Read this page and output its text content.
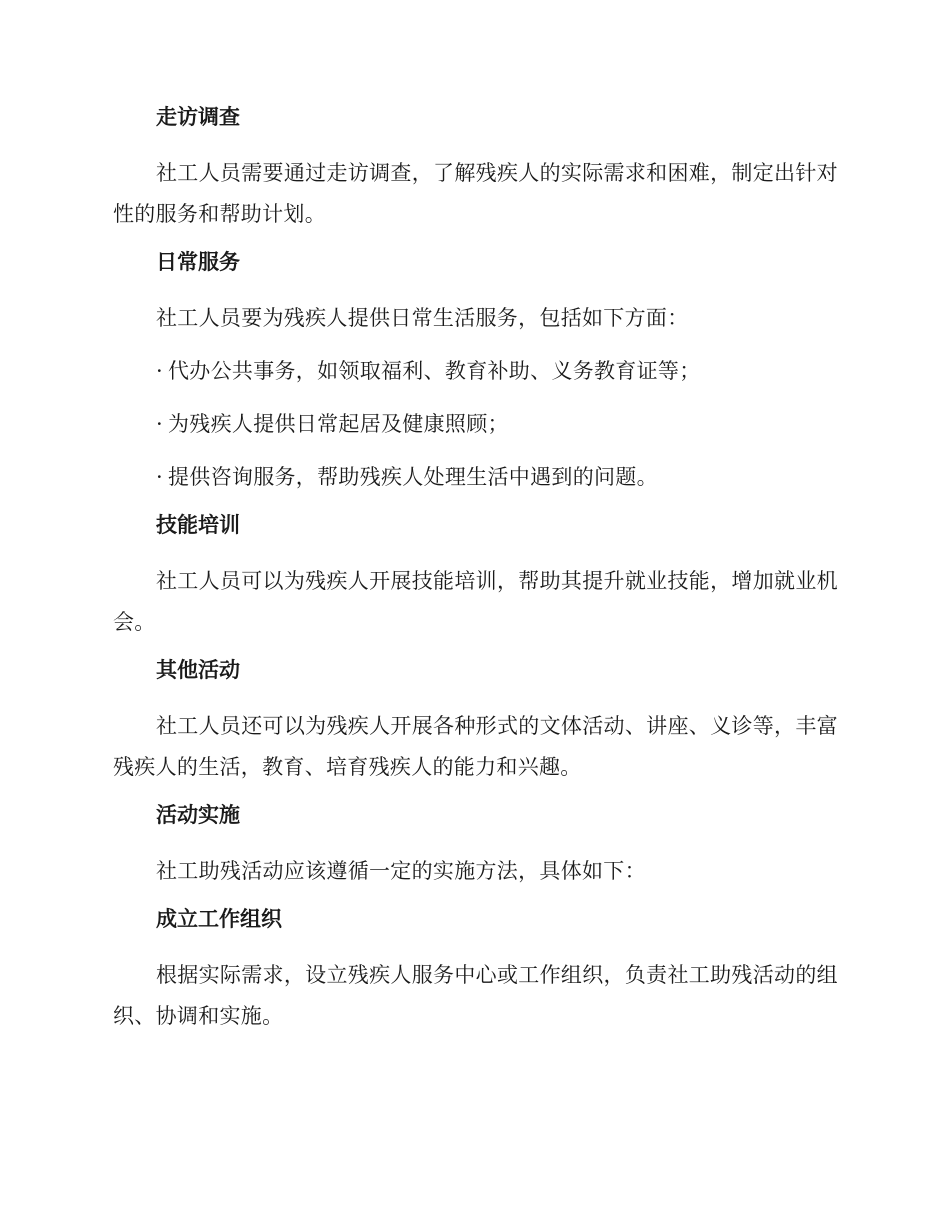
走访调查

社工人员需要通过走访调查，了解残疾人的实际需求和困难，制定出针对性的服务和帮助计划。

日常服务

社工人员要为残疾人提供日常生活服务，包括如下方面：

· 代办公共事务，如领取福利、教育补助、义务教育证等；
· 为残疾人提供日常起居及健康照顾；
· 提供咨询服务，帮助残疾人处理生活中遇到的问题。
技能培训

社工人员可以为残疾人开展技能培训，帮助其提升就业技能，增加就业机会。

其他活动

社工人员还可以为残疾人开展各种形式的文体活动、讲座、义诊等，丰富残疾人的生活，教育、培育残疾人的能力和兴趣。

活动实施

社工助残活动应该遵循一定的实施方法，具体如下：

成立工作组织

根据实际需求，设立残疾人服务中心或工作组织，负责社工助残活动的组织、协调和实施。
